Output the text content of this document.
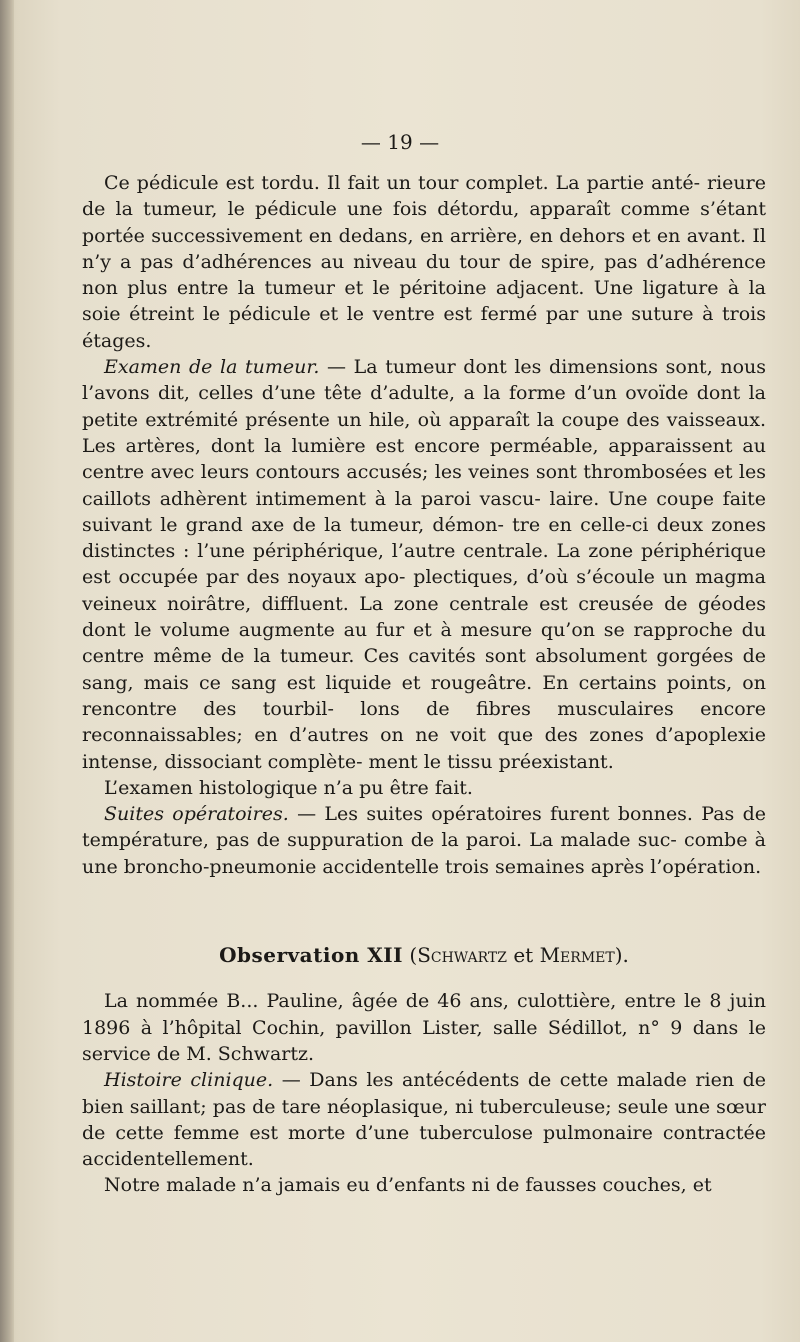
— 19 —

Ce pédicule est tordu. Il fait un tour complet. La partie anté- rieure de la tumeur, le pédicule une fois détordu, apparaît comme s’étant portée successivement en dedans, en arrière, en dehors et en avant. Il n’y a pas d’adhérences au niveau du tour de spire, pas d’adhérence non plus entre la tumeur et le péritoine adjacent. Une ligature à la soie étreint le pédicule et le ventre est fermé par une suture à trois étages.

Examen de la tumeur. — La tumeur dont les dimensions sont, nous l’avons dit, celles d’une tête d’adulte, a la forme d’un ovoïde dont la petite extrémité présente un hile, où apparaît la coupe des vaisseaux. Les artères, dont la lumière est encore perméable, apparaissent au centre avec leurs contours accusés; les veines sont thrombosées et les caillots adhèrent intimement à la paroi vascu- laire. Une coupe faite suivant le grand axe de la tumeur, démon- tre en celle-ci deux zones distinctes : l’une périphérique, l’autre centrale. La zone périphérique est occupée par des noyaux apo- plectiques, d’où s’écoule un magma veineux noirâtre, diffluent. La zone centrale est creusée de géodes dont le volume augmente au fur et à mesure qu’on se rapproche du centre même de la tumeur. Ces cavités sont absolument gorgées de sang, mais ce sang est liquide et rougeâtre. En certains points, on rencontre des tourbil- lons de fibres musculaires encore reconnaissables; en d’autres on ne voit que des zones d’apoplexie intense, dissociant complète- ment le tissu préexistant.

L’examen histologique n’a pu être fait.

Suites opératoires. — Les suites opératoires furent bonnes. Pas de température, pas de suppuration de la paroi. La malade suc- combe à une broncho-pneumonie accidentelle trois semaines après l’opération.

Observation XII (Schwartz et Mermet).

La nommée B... Pauline, âgée de 46 ans, culottière, entre le 8 juin 1896 à l’hôpital Cochin, pavillon Lister, salle Sédillot, n° 9 dans le service de M. Schwartz.

Histoire clinique. — Dans les antécédents de cette malade rien de bien saillant; pas de tare néoplasique, ni tuberculeuse; seule une sœur de cette femme est morte d’une tuberculose pulmonaire contractée accidentellement.

Notre malade n’a jamais eu d’enfants ni de fausses couches, et
